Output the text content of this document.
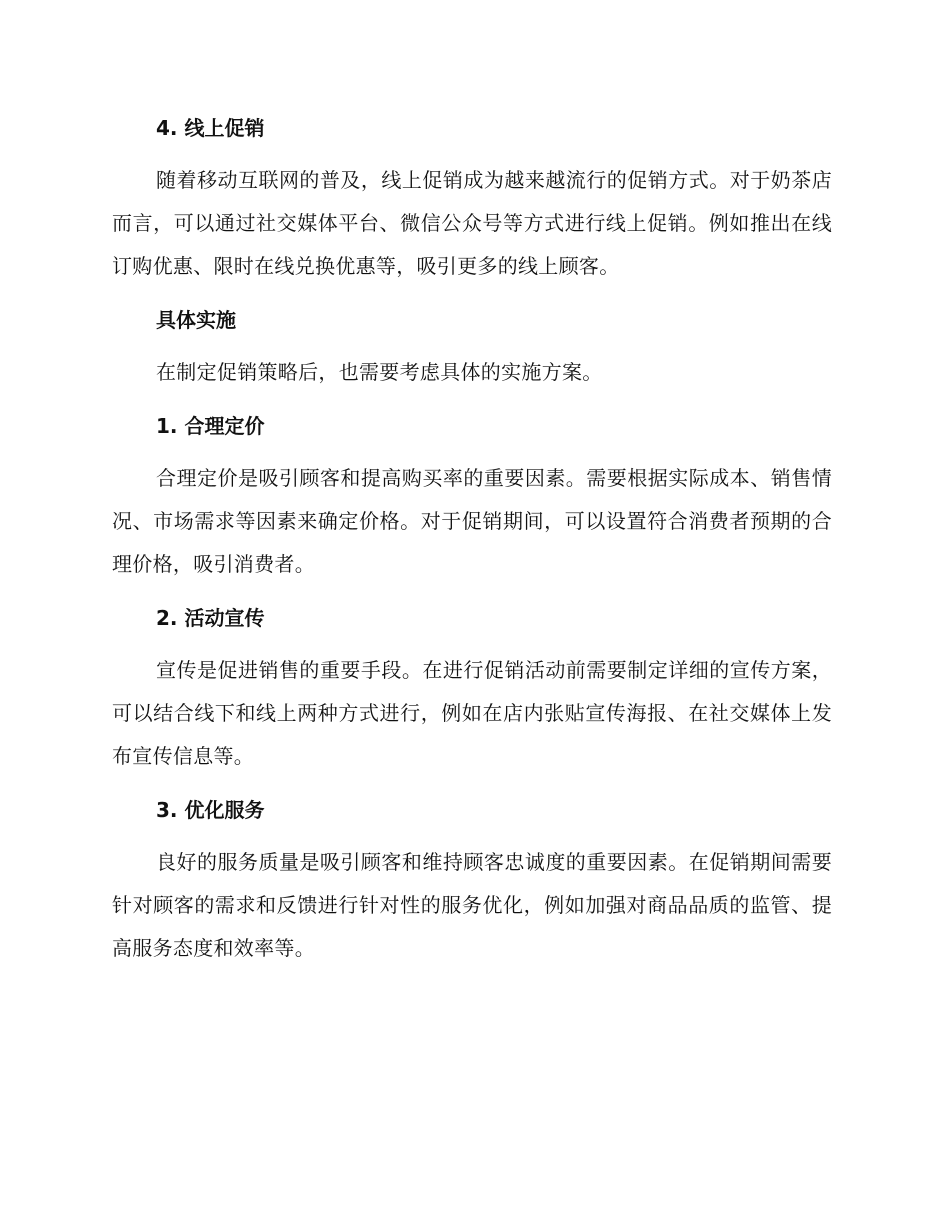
4. 线上促销

随着移动互联网的普及，线上促销成为越来越流行的促销方式。对于奶茶店而言，可以通过社交媒体平台、微信公众号等方式进行线上促销。例如推出在线订购优惠、限时在线兑换优惠等，吸引更多的线上顾客。

具体实施

在制定促销策略后，也需要考虑具体的实施方案。

1. 合理定价

合理定价是吸引顾客和提高购买率的重要因素。需要根据实际成本、销售情况、市场需求等因素来确定价格。对于促销期间，可以设置符合消费者预期的合理价格，吸引消费者。

2. 活动宣传

宣传是促进销售的重要手段。在进行促销活动前需要制定详细的宣传方案，可以结合线下和线上两种方式进行，例如在店内张贴宣传海报、在社交媒体上发布宣传信息等。

3. 优化服务

良好的服务质量是吸引顾客和维持顾客忠诚度的重要因素。在促销期间需要针对顾客的需求和反馈进行针对性的服务优化，例如加强对商品品质的监管、提高服务态度和效率等。
